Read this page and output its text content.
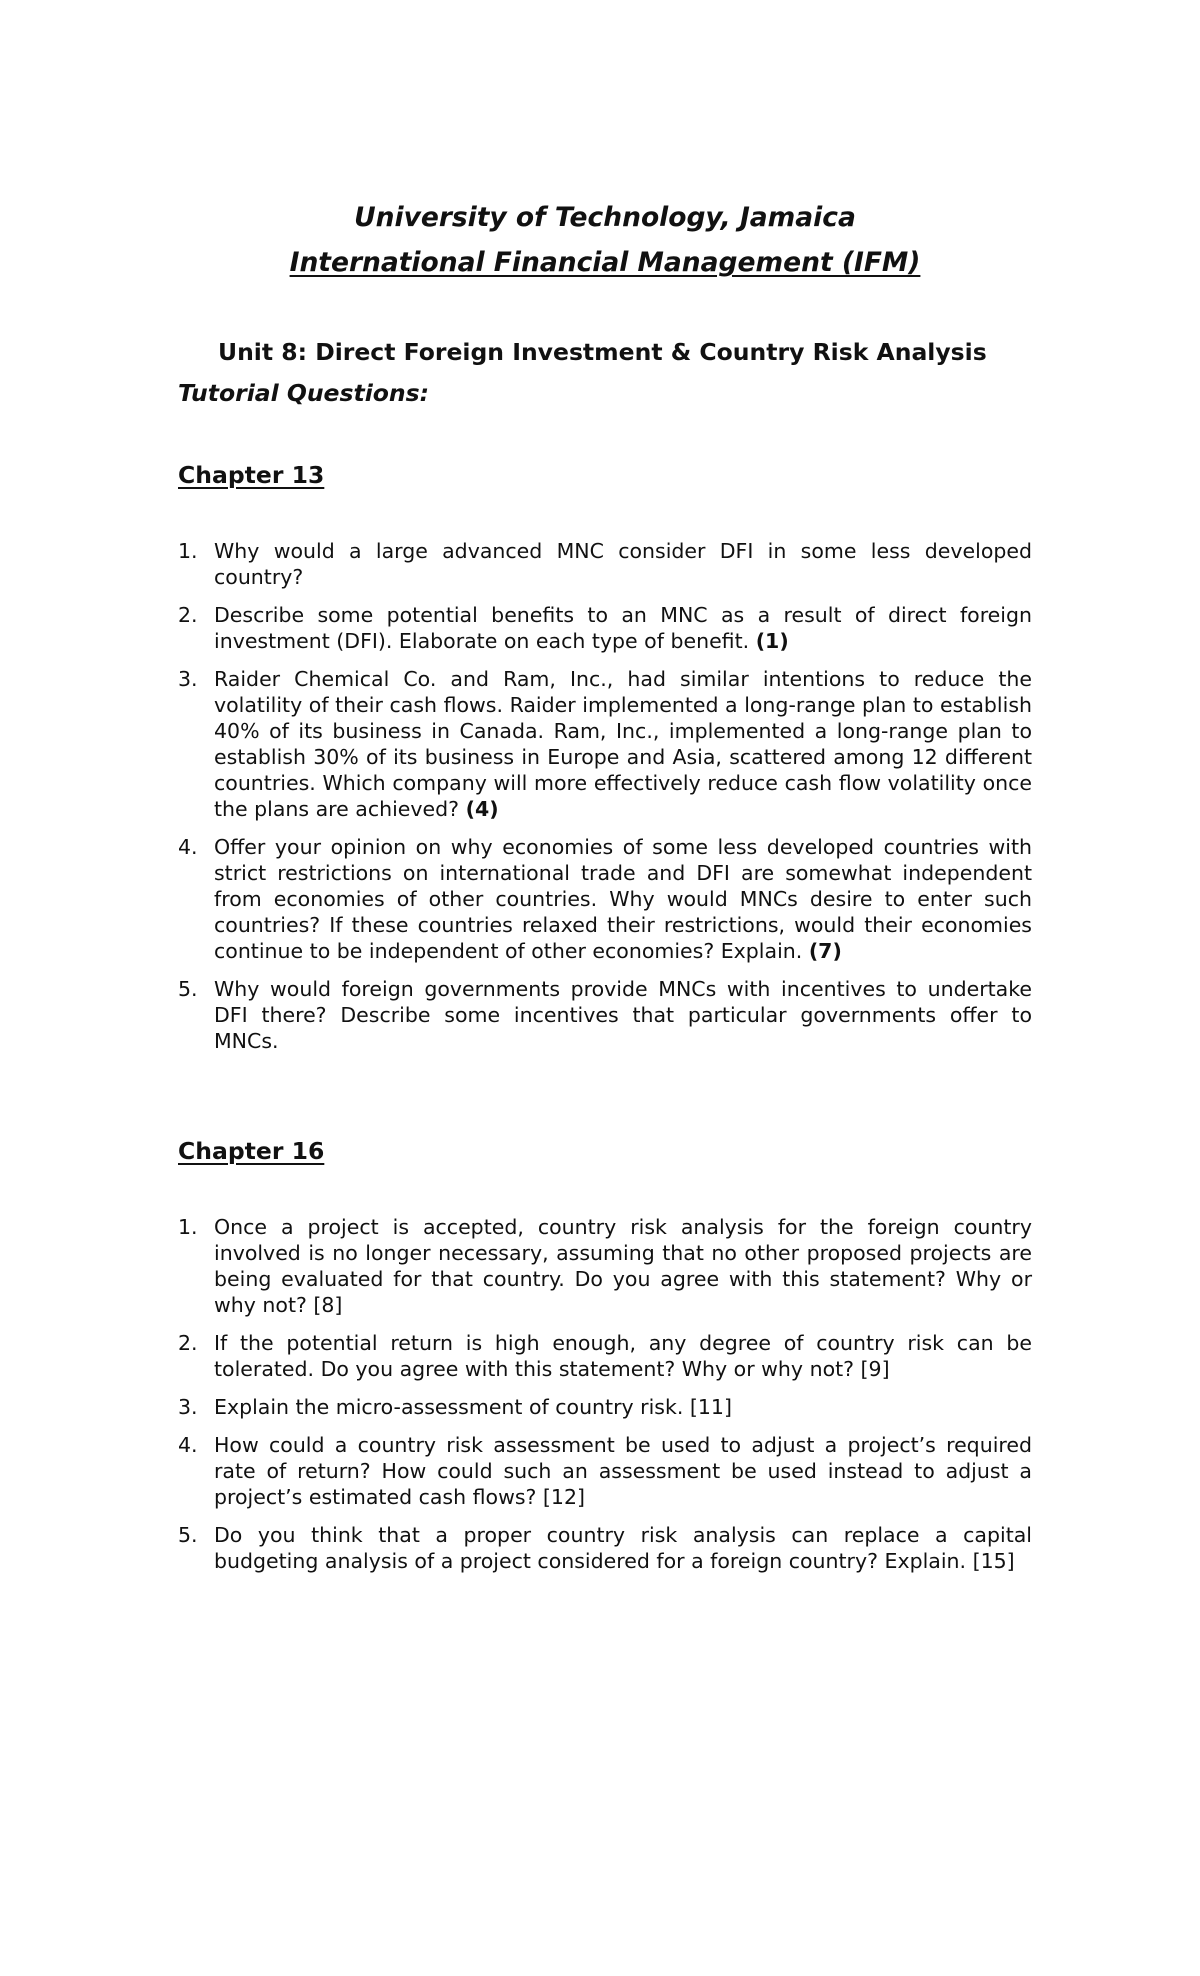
University of Technology, Jamaica
International Financial Management (IFM)
Unit 8: Direct Foreign Investment & Country Risk Analysis
Tutorial Questions:
Chapter 13
1. Why would a large advanced MNC consider DFI in some less developed country?
2. Describe some potential benefits to an MNC as a result of direct foreign investment (DFI). Elaborate on each type of benefit. (1)
3. Raider Chemical Co. and Ram, Inc., had similar intentions to reduce the volatility of their cash flows. Raider implemented a long-range plan to establish 40% of its business in Canada. Ram, Inc., implemented a long-range plan to establish 30% of its business in Europe and Asia, scattered among 12 different countries. Which company will more effectively reduce cash flow volatility once the plans are achieved? (4)
4. Offer your opinion on why economies of some less developed countries with strict restrictions on international trade and DFI are somewhat independent from economies of other countries. Why would MNCs desire to enter such countries? If these countries relaxed their restrictions, would their economies continue to be independent of other economies? Explain. (7)
5. Why would foreign governments provide MNCs with incentives to undertake DFI there? Describe some incentives that particular governments offer to MNCs.
Chapter 16
1. Once a project is accepted, country risk analysis for the foreign country involved is no longer necessary, assuming that no other proposed projects are being evaluated for that country. Do you agree with this statement? Why or why not? [8]
2. If the potential return is high enough, any degree of country risk can be tolerated. Do you agree with this statement? Why or why not? [9]
3. Explain the micro-assessment of country risk. [11]
4. How could a country risk assessment be used to adjust a project’s required rate of return? How could such an assessment be used instead to adjust a project’s estimated cash flows? [12]
5. Do you think that a proper country risk analysis can replace a capital budgeting analysis of a project considered for a foreign country? Explain. [15]
